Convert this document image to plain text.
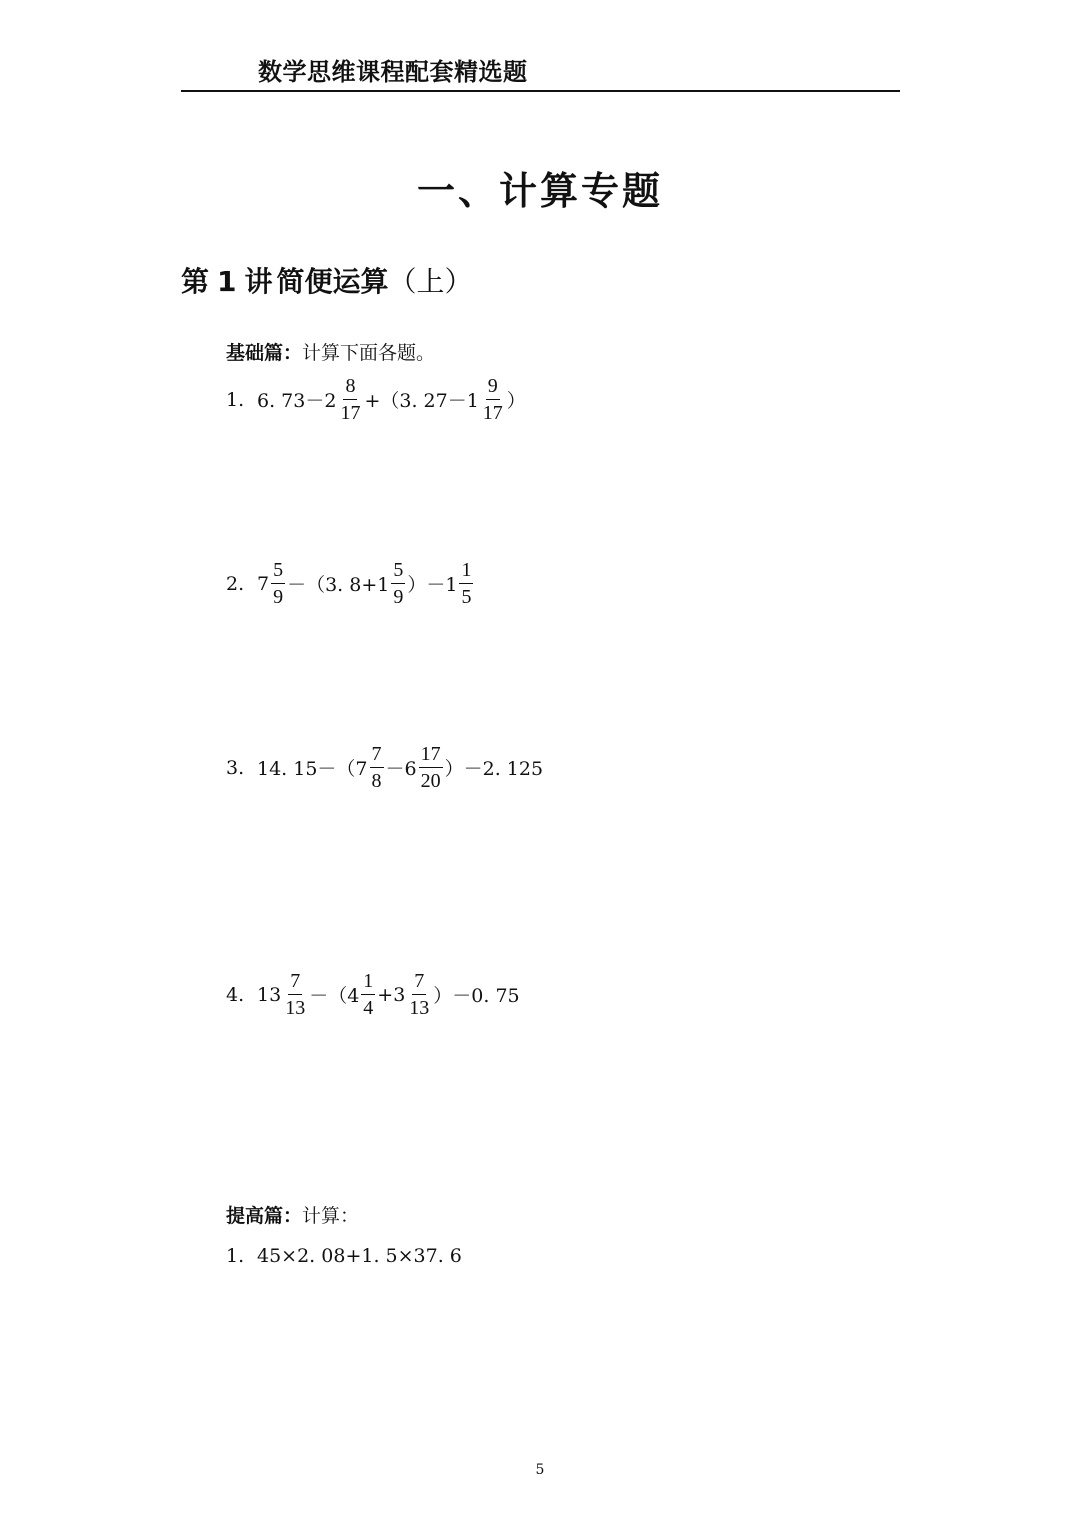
数学思维课程配套精选题
一、计算专题
第 1 讲 简便运算（上）
基础篇：计算下面各题。
1. 6. $73-2 \frac{8}{17} +(3$. $27-1 \frac{9}{17}$ ）
2. $7 \frac{5}{9} -(3$. $8+1 \frac{5}{9} )-1 \frac{1}{5}$
3. 14. $15-(7 \frac{7}{8} -6 \frac{17}{20} )-2$. 125
4. $13 \frac{7}{13} -(4 \frac{1}{4} +3 \frac{7}{13} )-0$. 75
提高篇：计算：
1. 45×2. 08+1. 5×37. 6
5
